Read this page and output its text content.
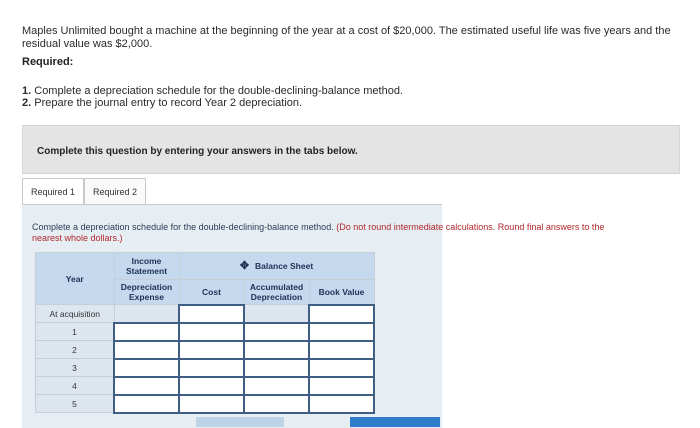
Maples Unlimited bought a machine at the beginning of the year at a cost of $20,000. The estimated useful life was five years and the residual value was $2,000.

Required:

1. Complete a depreciation schedule for the double-declining-balance method.

2. Prepare the journal entry to record Year 2 depreciation.

Complete this question by entering your answers in the tabs below.
Required 1	Required 2

Complete a depreciation schedule for the double-declining-balance method. (Do not round intermediate calculations. Round final answers to the nearest whole dollars.)

Year	Income Statement	✥ Balance Sheet		
	Depreciation Expense	Cost	Accumulated Depreciation	Book Value
At acquisition				
1				
2				
3				
4				
5				
